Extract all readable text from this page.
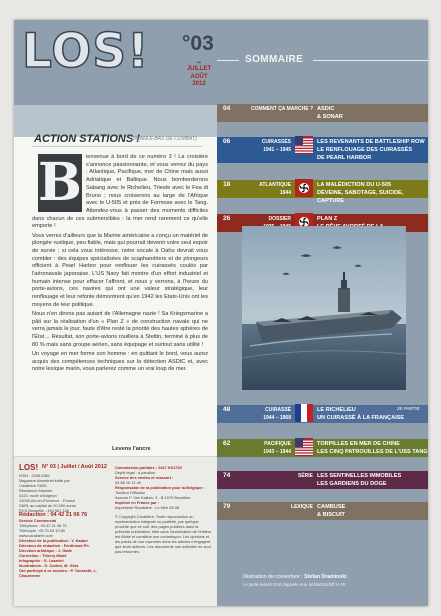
LOS! °03
~
JUILLET
AOÛT
2012
ACTION STATIONS !
(BRANLE-BAS DE COMBAT)

ienvenue à bord de ce numéro 3 ! La croisière s'annonce passionnante, et vous verrez du pays : Atlantique, Pacifique, mer de Chine mais aussi Adriatique et Baltique. Nous bomberderons Sabang avec le Richelieu, Trieste avec le Fea di Bruno ; nous croiserons au large de l'Afrique avec le U-505 et près de Formose avec le Tang. Attendez-vous à passer des moments difficiles dans chacun de ces submersibles : la mer rend rarement ce qu'elle emporte !

Vous verrez d'ailleurs que la Marine américaine a conçu un matériel de plongée rustique, peu fiable, mais qui pourrait devenir votre seul espoir de survie ; si cela vous intéresse, notre escale à Oahu devrait vous combler : des équipes spécialisées de scaphandriers et de plongeurs officient à Pearl Harbor pour renflouer les cuirassés coulés par l'aéronavale japonaise. L'US Navy fait montre d'un effort industriel et humain intense pour effacer l'affront, et nous y verrons, à l'heure du porte-avions, ces navires qui ont une valeur stratégique, leur renflouage et leur refonte démontrent qu'en 1942 les Etats-Unis ont les moyens de leur politique.

Nous n'en dirons pas autant de l'Allemagne nazie ! Sa Kriegsmarine a pâti sur la réalisation d'un « Plan Z » de construction navale qui ne verra jamais le jour, faute d'être resté la priorité des hautes sphères de l'État… Résultat, son porte-avions rouillera à Stettin, terminé à plus de 80 % mais sans groupe aérien, sans équipage et surtout sans utilité !

Un voyage en mer forme son homme : en quittant le bord, vous aurez acquis des compétences techniques sur la détection ASDIC et, avec notre lexique marin, vous parlerez comme un vrai loup de mer.

B
Levens l'ancre
LOS! N° 03 | Juillet / Août 2012
ISSN : 2258-9361
Magazine bimestriel édité par
Caraktère SARL
Résidence Maunier
3120, route d'Avignon
13090 Aix-en-Provence - France
SARL au capital de 20 000 euros
RCS Marseille - 494 561 168
Rédaction : 04 42 21 06 76
Service Commercial
Téléphone : 04 42 21 06 76
Télécopie : 09 70 63 10 89
www.caraktere.com
Directeur de la publication : Y. Kadari
Directeur de rédaction : Ferdinand Ph.
Direction artistique : J. Gade
Correction : Thierry Malet
Infographie : G. Lazarini
Illustrations : D. Corbin, M. Gilet
Ont participé à ce numéro : P. Tocasetti, L. Chaurienne
Commission paritaire : 0417 K91729
Dépôt légal : à parution
Service des ventes et réassort :
04 88 15 12 40
Responsable de la publication pour la Belgique :
Tondeur Diffusion
Avenue F. Van Kalken, 9 - B-1070 Bruxelles
Imprimé en France par :
Imprimerie Rocalaine - Le Mee 05-06
© Copyright Caraktère. Toute reproduction ou représentation intégrale ou partielle, par quelque procédé que ce soit, des pages publiées dans la présente publication, faite sans l'autorisation de l'éditeur est illicite et constitue une contrefaçon. Les opinions et les points de vue exprimés dans les articles n'engagent que leurs auteurs. Les documents non sollicités ne sont pas retournés.
SOMMAIRE
04	COMMENT ÇA MARCHE ? ASDIC
& SONAR
06	CUIRASSÉS
1941 – 1945
LES REVENANTS DE BATTLESHIP ROW
LE RENFLOUAGE DES CUIRASSÉS
DE PEARL HARBOR
18	ATLANTIQUE
1944
LA MALÉDICTION DU U-505
DÉVEINE, SABOTAGE, SUICIDE, CAPTURE
26	DOSSIER	PLAN Z
48	CUIRASSÉ
1944 – 1968
LE RICHELIEU
UN CUIRASSÉ À LA FRANÇAISE
2E PARTIE
62	PACIFIQUE
1943 – 1944
TORPILLES EN MER DE CHINE
LES CINQ PATROUILLES DE L'USS TANG
74	SÉRIE LES SENTINELLES IMMOBILES
LES GARDIENS DU DOGE
79	LEXIQUE CAMBUSE
& BISCUIT
Illustration de couverture : Stefan Draminski
Le porte-avions Graf Zeppelin et le Schlachtschiff H-39.
